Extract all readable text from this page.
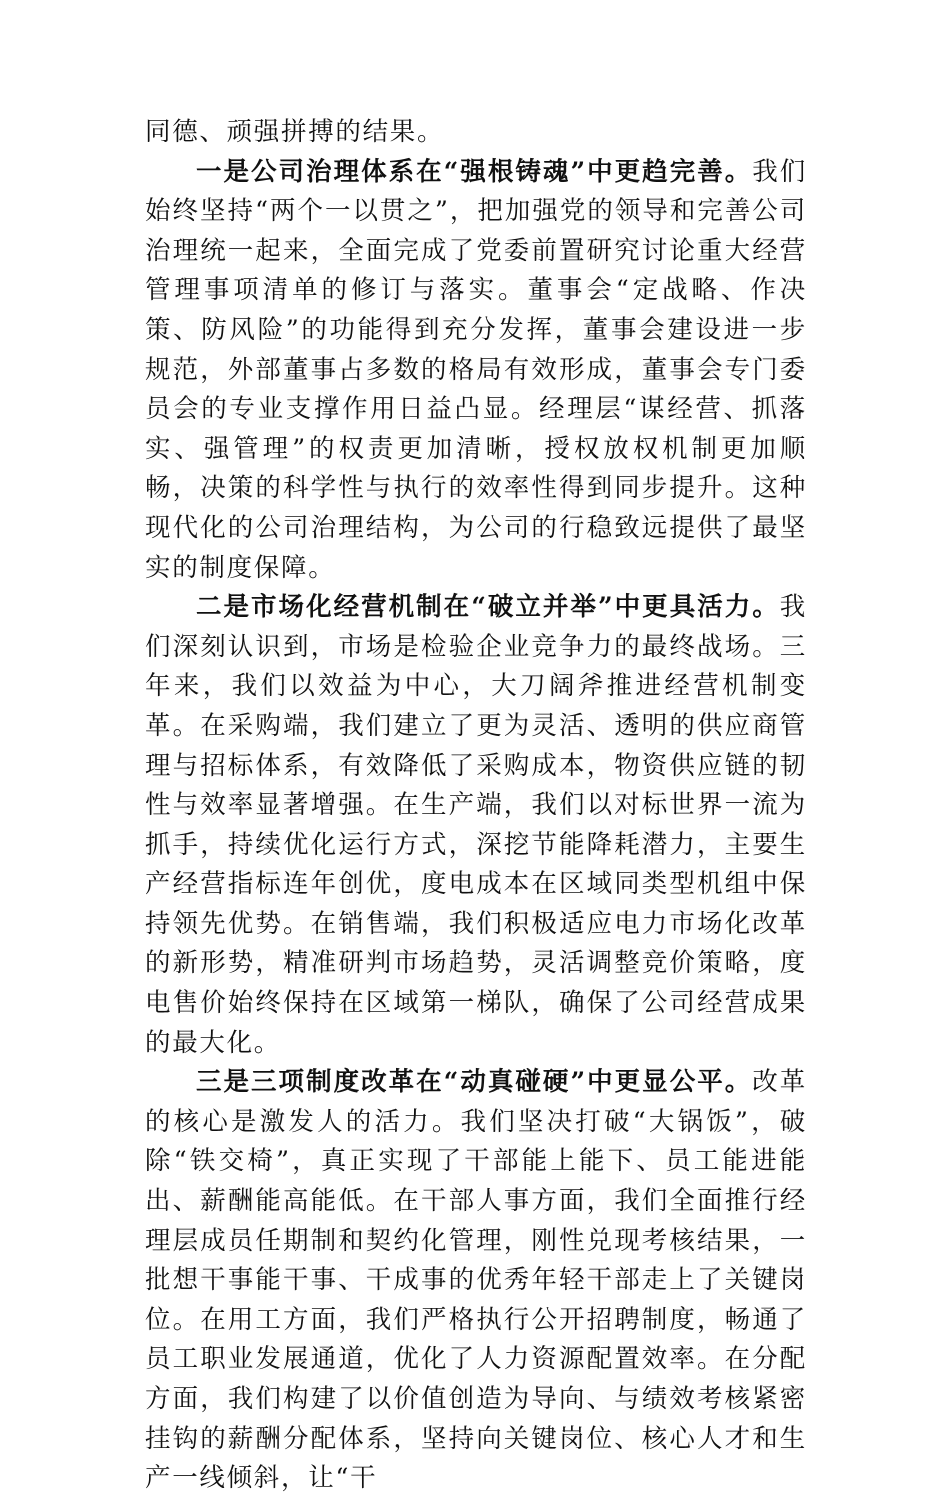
同德、顽强拼搏的结果。

一是公司治理体系在“强根铸魂”中更趋完善。我们始终坚持“两个一以贯之”，把加强党的领导和完善公司治理统一起来，全面完成了党委前置研究讨论重大经营管理事项清单的修订与落实。董事会“定战略、作决策、防风险”的功能得到充分发挥，董事会建设进一步规范，外部董事占多数的格局有效形成，董事会专门委员会的专业支撑作用日益凸显。经理层“谋经营、抓落实、强管理”的权责更加清晰，授权放权机制更加顺畅，决策的科学性与执行的效率性得到同步提升。这种现代化的公司治理结构，为公司的行稳致远提供了最坚实的制度保障。

二是市场化经营机制在“破立并举”中更具活力。我们深刻认识到，市场是检验企业竞争力的最终战场。三年来，我们以效益为中心，大刀阔斧推进经营机制变革。在采购端，我们建立了更为灵活、透明的供应商管理与招标体系，有效降低了采购成本，物资供应链的韧性与效率显著增强。在生产端，我们以对标世界一流为抓手，持续优化运行方式，深挖节能降耗潜力，主要生产经营指标连年创优，度电成本在区域同类型机组中保持领先优势。在销售端，我们积极适应电力市场化改革的新形势，精准研判市场趋势，灵活调整竞价策略，度电售价始终保持在区域第一梯队，确保了公司经营成果的最大化。

三是三项制度改革在“动真碰硬”中更显公平。改革的核心是激发人的活力。我们坚决打破“大锅饭”，破除“铁交椅”，真正实现了干部能上能下、员工能进能出、薪酬能高能低。在干部人事方面，我们全面推行经理层成员任期制和契约化管理，刚性兑现考核结果，一批想干事能干事、干成事的优秀年轻干部走上了关键岗位。在用工方面，我们严格执行公开招聘制度，畅通了员工职业发展通道，优化了人力资源配置效率。在分配方面，我们构建了以价值创造为导向、与绩效考核紧密挂钩的薪酬分配体系，坚持向关键岗位、核心人才和生产一线倾斜，让“干
